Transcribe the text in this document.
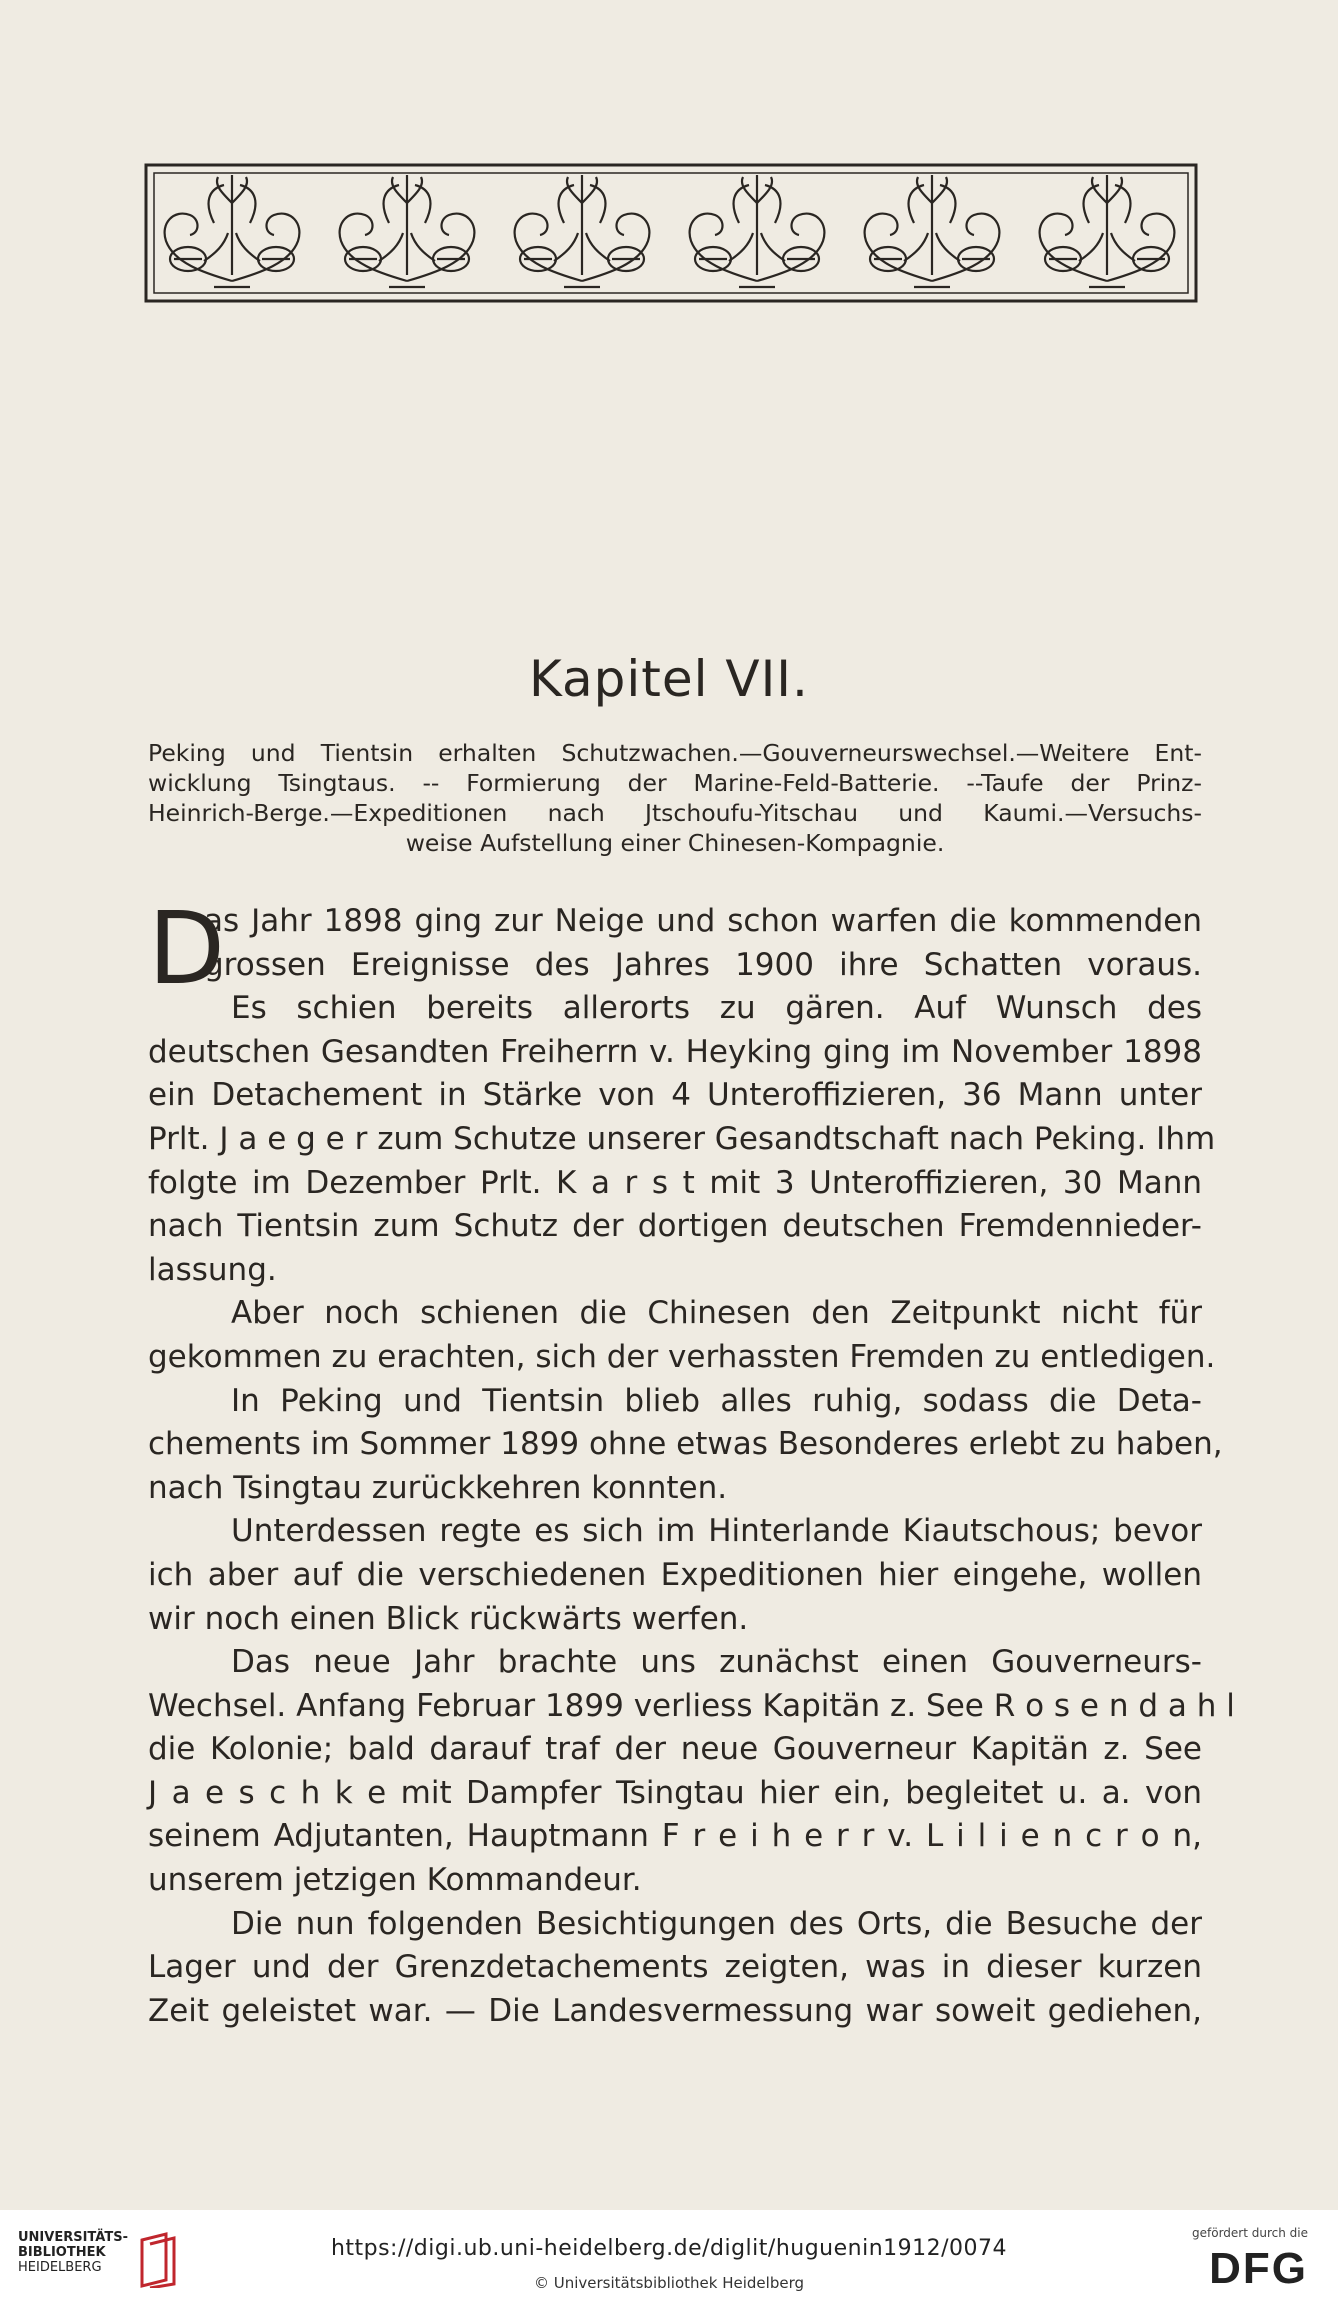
Kapitel VII.
Peking und Tientsin erhalten Schutzwachen.—Gouverneurswechsel.—Weitere Ent-
wicklung Tsingtaus. -- Formierung der Marine-Feld-Batterie. --Taufe der Prinz-
Heinrich-Berge.—Expeditionen nach Jtschoufu-Yitschau und Kaumi.—Versuchs-
weise Aufstellung einer Chinesen-Kompagnie.
D
as Jahr 1898 ging zur Neige und schon warfen die kommenden
grossen Ereignisse des Jahres 1900 ihre Schatten voraus.
Es schien bereits allerorts zu gären. Auf Wunsch des
deutschen Gesandten Freiherrn v. Heyking ging im November 1898
ein Detachement in Stärke von 4 Unteroffizieren, 36 Mann unter
Prlt. J a e g e r zum Schutze unserer Gesandtschaft nach Peking. Ihm
folgte im Dezember Prlt. K a r s t mit 3 Unteroffizieren, 30 Mann
nach Tientsin zum Schutz der dortigen deutschen Fremdennieder-
lassung.
Aber noch schienen die Chinesen den Zeitpunkt nicht für
gekommen zu erachten, sich der verhassten Fremden zu entledigen.
In Peking und Tientsin blieb alles ruhig, sodass die Deta-
chements im Sommer 1899 ohne etwas Besonderes erlebt zu haben,
nach Tsingtau zurückkehren konnten.
Unterdessen regte es sich im Hinterlande Kiautschous; bevor
ich aber auf die verschiedenen Expeditionen hier eingehe, wollen
wir noch einen Blick rückwärts werfen.
Das neue Jahr brachte uns zunächst einen Gouverneurs-
Wechsel. Anfang Februar 1899 verliess Kapitän z. See R o s e n d a h l
die Kolonie; bald darauf traf der neue Gouverneur Kapitän z. See
J a e s c h k e mit Dampfer Tsingtau hier ein, begleitet u. a. von
seinem Adjutanten, Hauptmann F r e i h e r r v. L i l i e n c r o n,
unserem jetzigen Kommandeur.
Die nun folgenden Besichtigungen des Orts, die Besuche der
Lager und der Grenzdetachements zeigten, was in dieser kurzen
Zeit geleistet war. — Die Landesvermessung war soweit gediehen,
UNIVERSITÄTS-
BIBLIOTHEK
HEIDELBERG
https://digi.ub.uni-heidelberg.de/diglit/huguenin1912/0074
© Universitätsbibliothek Heidelberg
gefördert durch die
DFG
